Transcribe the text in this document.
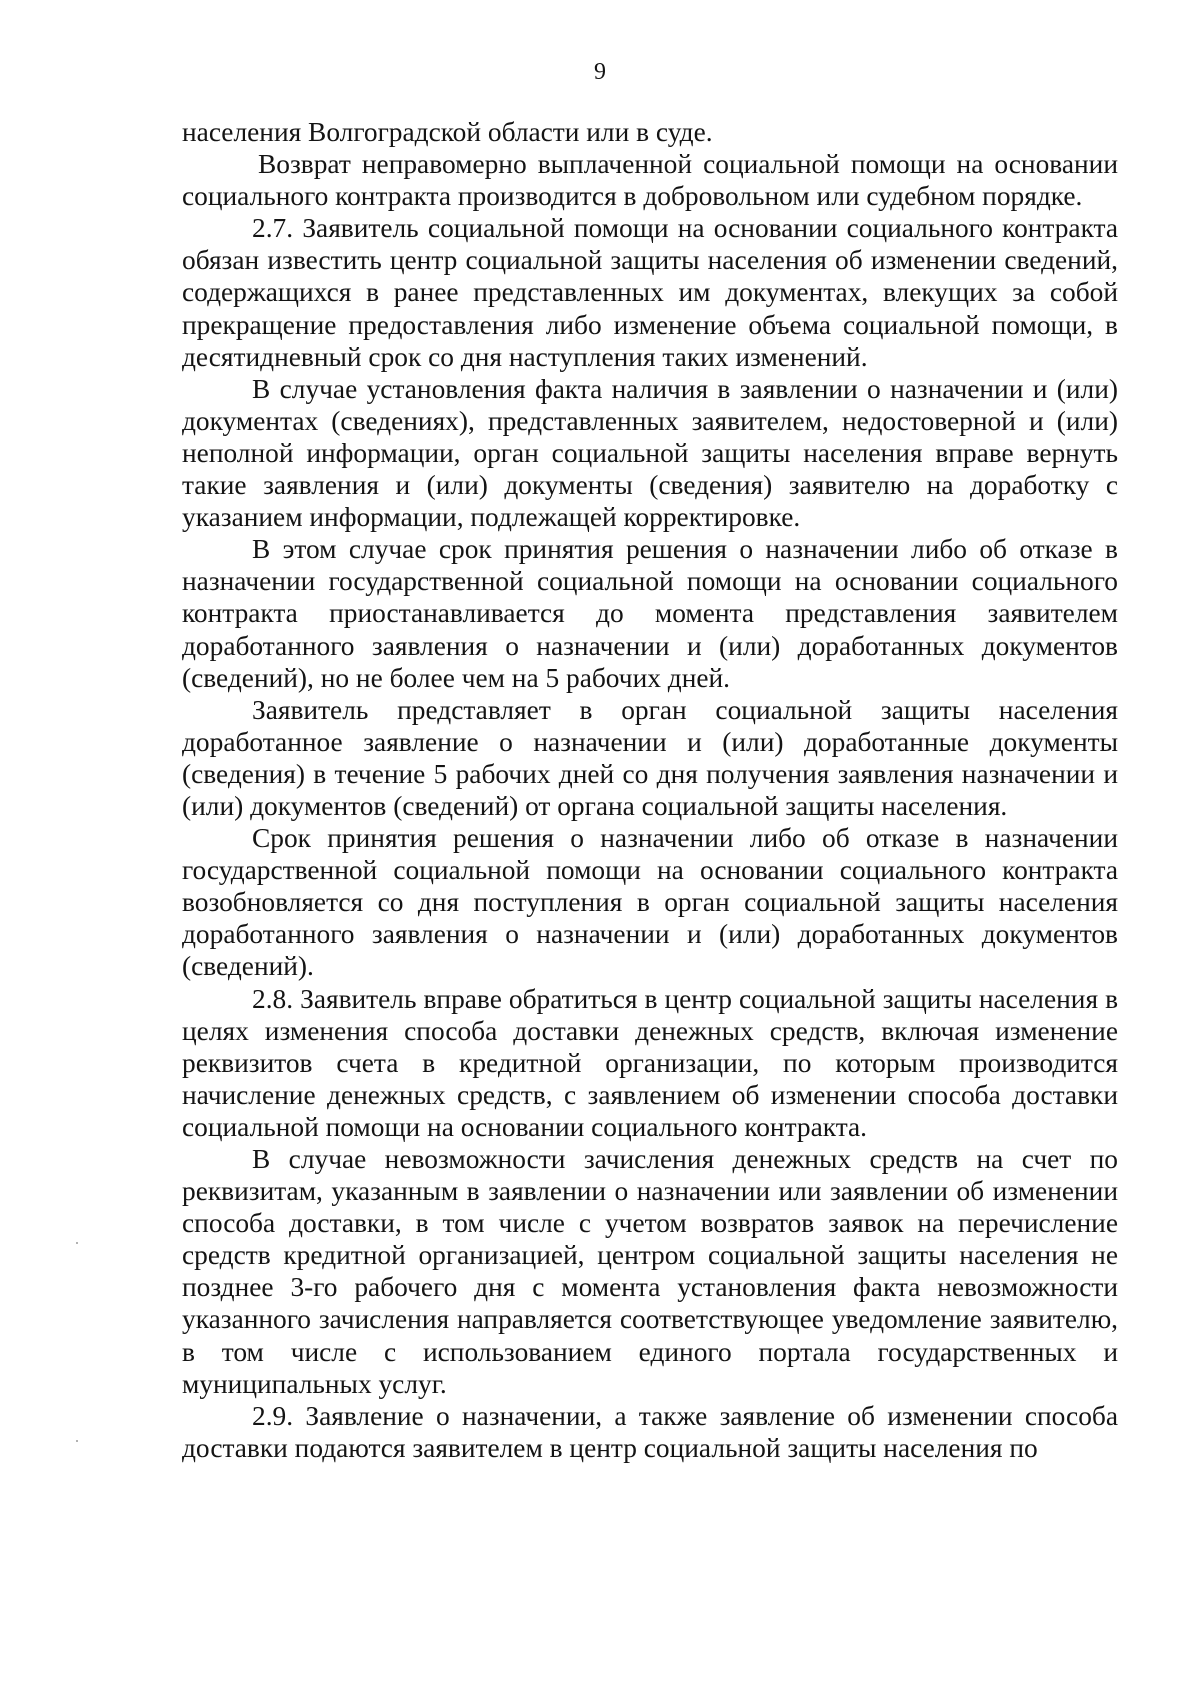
9

населения Волгоградской области или в суде.

Возврат неправомерно выплаченной социальной помощи на основании социального контракта производится в добровольном или судебном порядке.

2.7. Заявитель социальной помощи на основании социального контракта обязан известить центр социальной защиты населения об изменении сведений, содержащихся в ранее представленных им документах, влекущих за собой прекращение предоставления либо изменение объема социальной помощи, в десятидневный срок со дня наступления таких изменений.

В случае установления факта наличия в заявлении о назначении и (или) документах (сведениях), представленных заявителем, недостоверной и (или) неполной информации, орган социальной защиты населения вправе вернуть такие заявления и (или) документы (сведения) заявителю на доработку с указанием информации, подлежащей корректировке.

В этом случае срок принятия решения о назначении либо об отказе в назначении государственной социальной помощи на основании социального контракта приостанавливается до момента представления заявителем доработанного заявления о назначении и (или) доработанных документов (сведений), но не более чем на 5 рабочих дней.

Заявитель представляет в орган социальной защиты населения доработанное заявление о назначении и (или) доработанные документы (сведения) в течение 5 рабочих дней со дня получения заявления назначении и (или) документов (сведений) от органа социальной защиты населения.

Срок принятия решения о назначении либо об отказе в назначении государственной социальной помощи на основании социального контракта возобновляется со дня поступления в орган социальной защиты населения доработанного заявления о назначении и (или) доработанных документов (сведений).

2.8. Заявитель вправе обратиться в центр социальной защиты населения в целях изменения способа доставки денежных средств, включая изменение реквизитов счета в кредитной организации, по которым производится начисление денежных средств, с заявлением об изменении способа доставки социальной помощи на основании социального контракта.

В случае невозможности зачисления денежных средств на счет по реквизитам, указанным в заявлении о назначении или заявлении об изменении способа доставки, в том числе с учетом возвратов заявок на перечисление средств кредитной организацией, центром социальной защиты населения не позднее 3-го рабочего дня с момента установления факта невозможности указанного зачисления направляется соответствующее уведомление заявителю, в том числе с использованием единого портала государственных и муниципальных услуг.

2.9. Заявление о назначении, а также заявление об изменении способа доставки подаются заявителем в центр социальной защиты населения по
